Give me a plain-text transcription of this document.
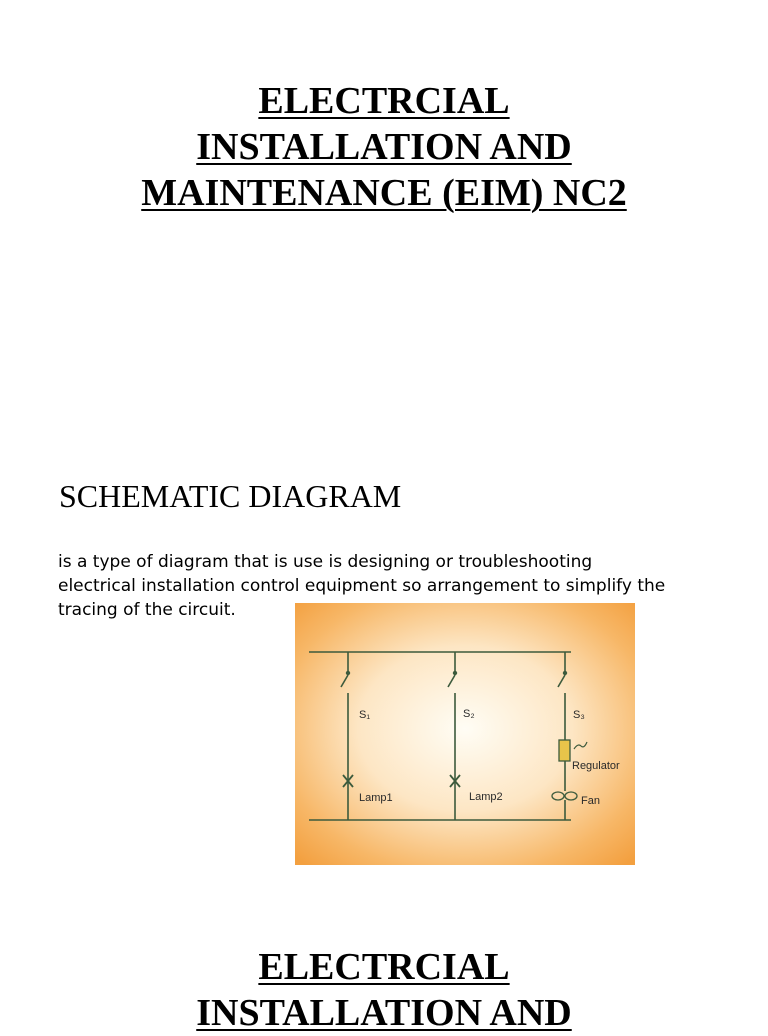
ELECTRCIAL
INSTALLATION AND
MAINTENANCE (EIM) NC2
SCHEMATIC DIAGRAM

is a type of diagram that is use is designing or troubleshooting
electrical installation control equipment so arrangement to simplify the
tracing of the circuit.

S₁
Lamp1
S₂
Lamp2
S₃
Regulator
Fan
ELECTRCIAL
INSTALLATION AND
